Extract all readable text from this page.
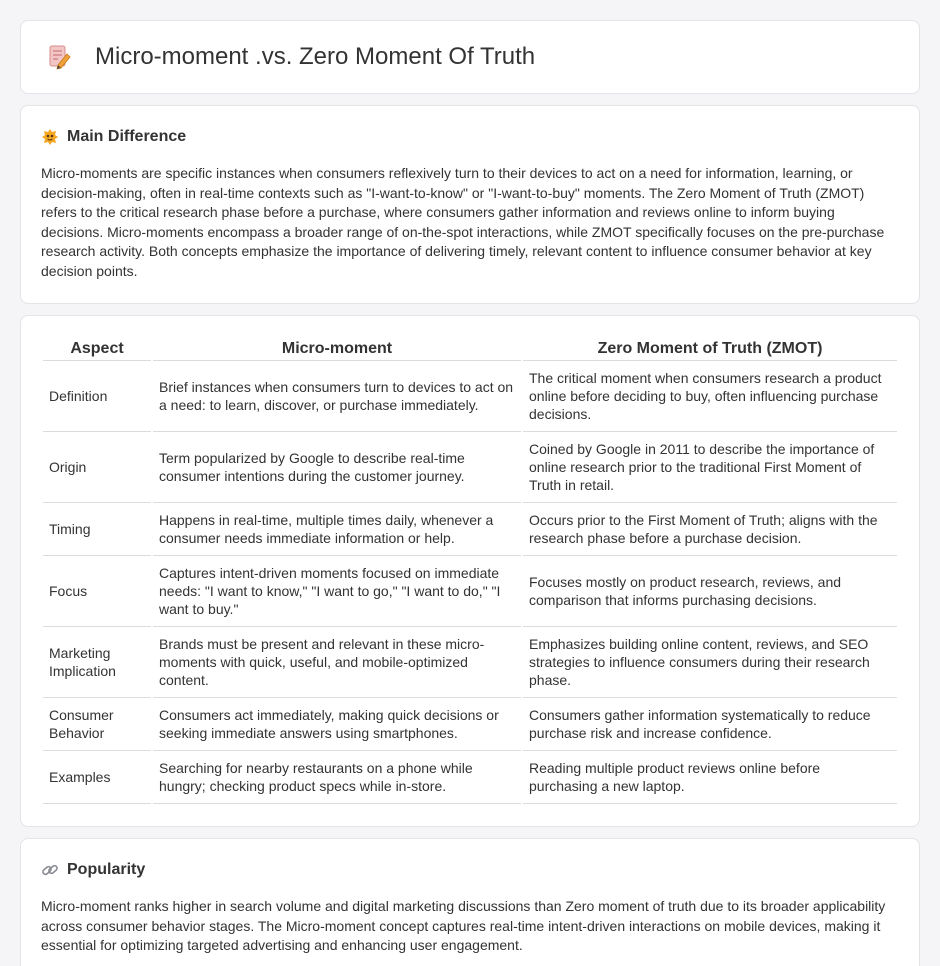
Micro-moment .vs. Zero Moment Of Truth
Main Difference

Micro-moments are specific instances when consumers reflexively turn to their devices to act on a need for information, learning, or decision-making, often in real-time contexts such as "I-want-to-know" or "I-want-to-buy" moments. The Zero Moment of Truth (ZMOT) refers to the critical research phase before a purchase, where consumers gather information and reviews online to inform buying decisions. Micro-moments encompass a broader range of on-the-spot interactions, while ZMOT specifically focuses on the pre-purchase research activity. Both concepts emphasize the importance of delivering timely, relevant content to influence consumer behavior at key decision points.

Aspect	Micro-moment	Zero Moment of Truth (ZMOT)
Definition	Brief instances when consumers turn to devices to act on a need: to learn, discover, or purchase immediately.	The critical moment when consumers research a product online before deciding to buy, often influencing purchase decisions.
Origin	Term popularized by Google to describe real-time consumer intentions during the customer journey.	Coined by Google in 2011 to describe the importance of online research prior to the traditional First Moment of Truth in retail.
Timing	Happens in real-time, multiple times daily, whenever a consumer needs immediate information or help.	Occurs prior to the First Moment of Truth; aligns with the research phase before a purchase decision.
Focus	Captures intent-driven moments focused on immediate needs: "I want to know," "I want to go," "I want to do," "I want to buy."	Focuses mostly on product research, reviews, and comparison that informs purchasing decisions.
Marketing Implication	Brands must be present and relevant in these micro-moments with quick, useful, and mobile-optimized content.	Emphasizes building online content, reviews, and SEO strategies to influence consumers during their research phase.
Consumer Behavior	Consumers act immediately, making quick decisions or seeking immediate answers using smartphones.	Consumers gather information systematically to reduce purchase risk and increase confidence.
Examples	Searching for nearby restaurants on a phone while hungry; checking product specs while in-store.	Reading multiple product reviews online before purchasing a new laptop.
Popularity

Micro-moment ranks higher in search volume and digital marketing discussions than Zero moment of truth due to its broader applicability across consumer behavior stages. The Micro-moment concept captures real-time intent-driven interactions on mobile devices, making it essential for optimizing targeted advertising and enhancing user engagement.
